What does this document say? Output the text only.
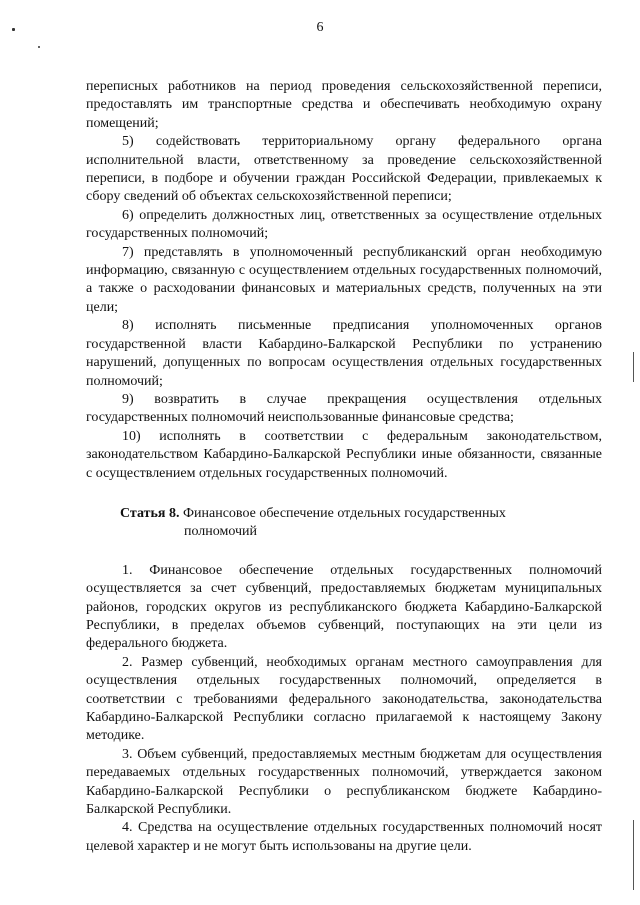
6

переписных работников на период проведения сельскохозяйственной переписи, предоставлять им транспортные средства и обеспечивать необходимую охрану помещений;

5) содействовать территориальному органу федерального органа исполнительной власти, ответственному за проведение сельскохозяйственной переписи, в подборе и обучении граждан Российской Федерации, привлекаемых к сбору сведений об объектах сельскохозяйственной переписи;

6) определить должностных лиц, ответственных за осуществление отдельных государственных полномочий;

7) представлять в уполномоченный республиканский орган необходимую информацию, связанную с осуществлением отдельных государственных полномочий, а также о расходовании финансовых и материальных средств, полученных на эти цели;

8) исполнять письменные предписания уполномоченных органов государственной власти Кабардино-Балкарской Республики по устранению нарушений, допущенных по вопросам осуществления отдельных государственных полномочий;

9) возвратить в случае прекращения осуществления отдельных государственных полномочий неиспользованные финансовые средства;

10) исполнять в соответствии с федеральным законодательством, законодательством Кабардино-Балкарской Республики иные обязанности, связанные с осуществлением отдельных государственных полномочий.

Статья 8. Финансовое обеспечение отдельных государственных
полномочий

1. Финансовое обеспечение отдельных государственных полномочий осуществляется за счет субвенций, предоставляемых бюджетам муниципальных районов, городских округов из республиканского бюджета Кабардино-Балкарской Республики, в пределах объемов субвенций, поступающих на эти цели из федерального бюджета.

2. Размер субвенций, необходимых органам местного самоуправления для осуществления отдельных государственных полномочий, определяется в соответствии с требованиями федерального законодательства, законодательства Кабардино-Балкарской Республики согласно прилагаемой к настоящему Закону методике.

3. Объем субвенций, предоставляемых местным бюджетам для осуществления передаваемых отдельных государственных полномочий, утверждается законом Кабардино-Балкарской Республики о республиканском бюджете Кабардино-Балкарской Республики.

4. Средства на осуществление отдельных государственных полномочий носят целевой характер и не могут быть использованы на другие цели.
